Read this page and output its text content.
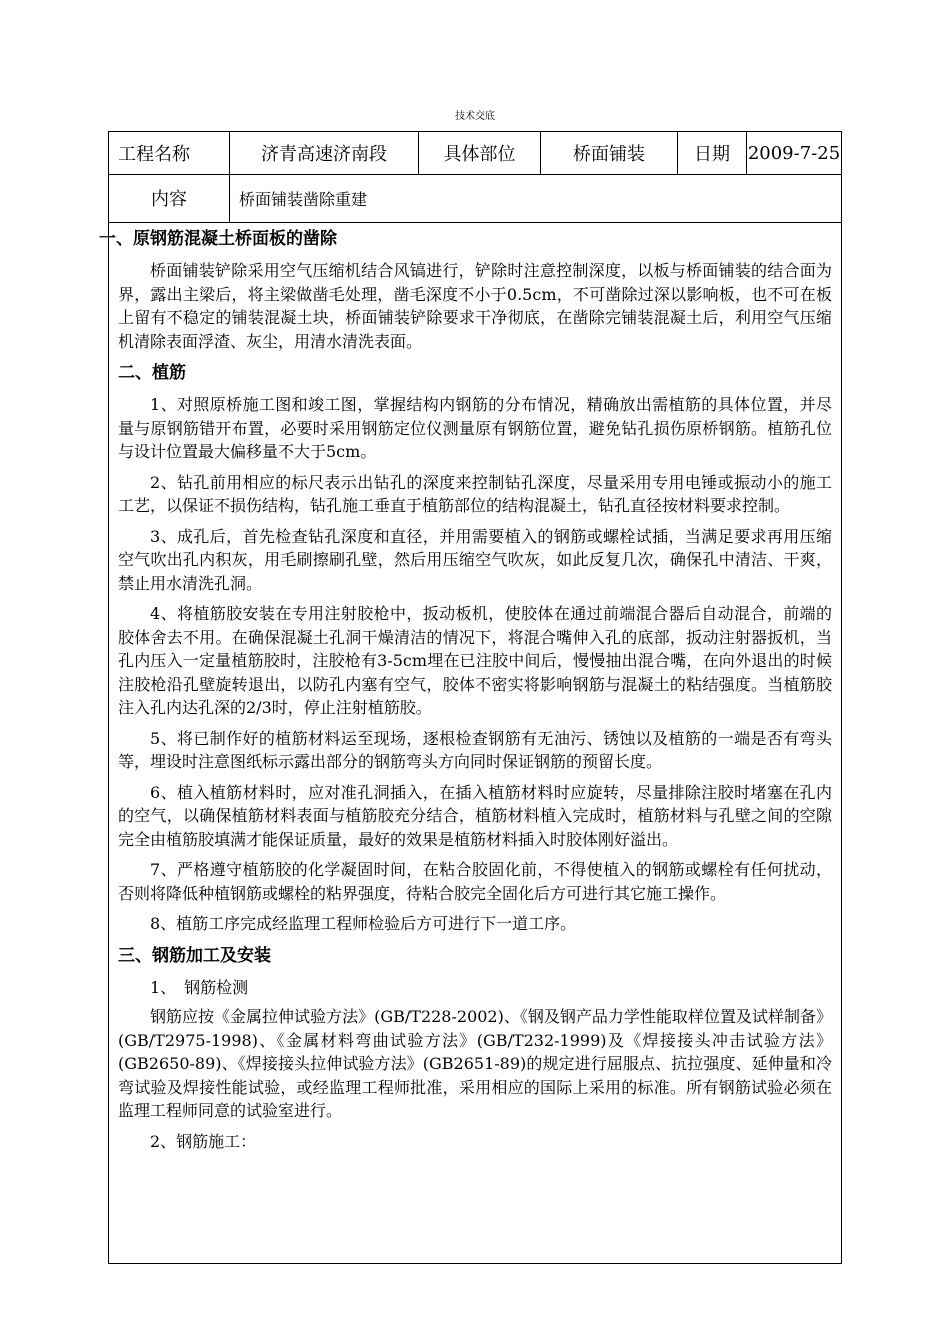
技术交底
工程名称	济青高速济南段	具体部位	桥面铺装	日期 2009-7-25
内容	桥面铺装凿除重建
一、原钢筋混凝土桥面板的凿除

桥面铺装铲除采用空气压缩机结合风镐进行，铲除时注意控制深度，以板与桥面铺装的结合面为界，露出主梁后，将主梁做凿毛处理，凿毛深度不小于0.5cm，不可凿除过深以影响板，也不可在板上留有不稳定的铺装混凝土块，桥面铺装铲除要求干净彻底，在凿除完铺装混凝土后，利用空气压缩机清除表面浮渣、灰尘，用清水清洗表面。

二、植筋

1、对照原桥施工图和竣工图，掌握结构内钢筋的分布情况，精确放出需植筋的具体位置，并尽量与原钢筋错开布置，必要时采用钢筋定位仪测量原有钢筋位置，避免钻孔损伤原桥钢筋。植筋孔位与设计位置最大偏移量不大于5cm。

2、钻孔前用相应的标尺表示出钻孔的深度来控制钻孔深度，尽量采用专用电锤或振动小的施工工艺，以保证不损伤结构，钻孔施工垂直于植筋部位的结构混凝土，钻孔直径按材料要求控制。

3、成孔后，首先检查钻孔深度和直径，并用需要植入的钢筋或螺栓试插，当满足要求再用压缩空气吹出孔内积灰，用毛刷擦刷孔壁，然后用压缩空气吹灰，如此反复几次，确保孔中清洁、干爽，禁止用水清洗孔洞。

4、将植筋胶安装在专用注射胶枪中，扳动板机，使胶体在通过前端混合器后自动混合，前端的胶体舍去不用。在确保混凝土孔洞干燥清洁的情况下，将混合嘴伸入孔的底部，扳动注射器扳机，当孔内压入一定量植筋胶时，注胶枪有3-5cm埋在已注胶中间后，慢慢抽出混合嘴，在向外退出的时候注胶枪沿孔壁旋转退出，以防孔内塞有空气，胶体不密实将影响钢筋与混凝土的粘结强度。当植筋胶注入孔内达孔深的2/3时，停止注射植筋胶。

5、将已制作好的植筋材料运至现场，逐根检查钢筋有无油污、锈蚀以及植筋的一端是否有弯头等，埋设时注意图纸标示露出部分的钢筋弯头方向同时保证钢筋的预留长度。

6、植入植筋材料时，应对准孔洞插入，在插入植筋材料时应旋转，尽量排除注胶时堵塞在孔内的空气，以确保植筋材料表面与植筋胶充分结合，植筋材料植入完成时，植筋材料与孔壁之间的空隙完全由植筋胶填满才能保证质量，最好的效果是植筋材料插入时胶体刚好溢出。

7、严格遵守植筋胶的化学凝固时间，在粘合胶固化前，不得使植入的钢筋或螺栓有任何扰动，否则将降低种植钢筋或螺栓的粘界强度，待粘合胶完全固化后方可进行其它施工操作。

8、植筋工序完成经监理工程师检验后方可进行下一道工序。

三、钢筋加工及安装

1、　钢筋检测

钢筋应按《金属拉伸试验方法》(GB/T228-2002)、《钢及钢产品力学性能取样位置及试样制备》(GB/T2975-1998)、《金属材料弯曲试验方法》(GB/T232-1999)及《焊接接头冲击试验方法》(GB2650-89)、《焊接接头拉伸试验方法》(GB2651-89)的规定进行屈服点、抗拉强度、延伸量和冷弯试验及焊接性能试验，或经监理工程师批准，采用相应的国际上采用的标准。所有钢筋试验必须在监理工程师同意的试验室进行。

2、钢筋施工：
